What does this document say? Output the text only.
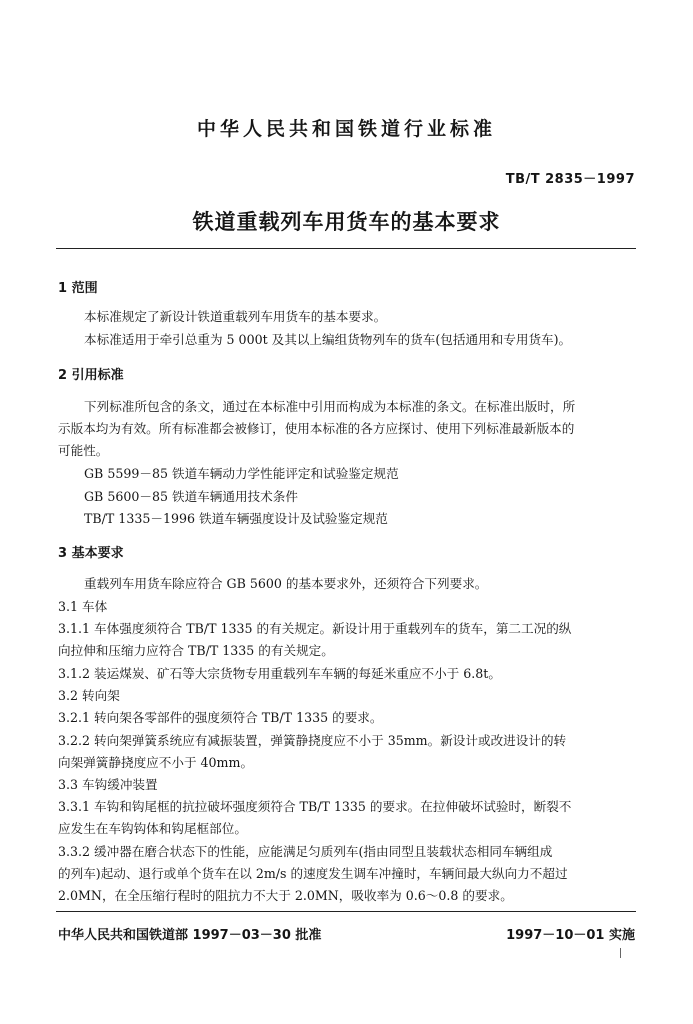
中华人民共和国铁道行业标准
TB/T 2835－1997
铁道重载列车用货车的基本要求
1 范围
本标准规定了新设计铁道重载列车用货车的基本要求。
本标准适用于牵引总重为 5 000t 及其以上编组货物列车的货车(包括通用和专用货车)。
2 引用标准
下列标准所包含的条文，通过在本标准中引用而构成为本标准的条文。在标准出版时，所
示版本均为有效。所有标准都会被修订，使用本标准的各方应探讨、使用下列标准最新版本的
可能性。
GB 5599－85 铁道车辆动力学性能评定和试验鉴定规范
GB 5600－85 铁道车辆通用技术条件
TB/T 1335－1996 铁道车辆强度设计及试验鉴定规范
3 基本要求
重载列车用货车除应符合 GB 5600 的基本要求外，还须符合下列要求。
3.1 车体
3.1.1 车体强度须符合 TB/T 1335 的有关规定。新设计用于重载列车的货车，第二工况的纵
向拉伸和压缩力应符合 TB/T 1335 的有关规定。
3.1.2 装运煤炭、矿石等大宗货物专用重载列车车辆的每延米重应不小于 6.8t。
3.2 转向架
3.2.1 转向架各零部件的强度须符合 TB/T 1335 的要求。
3.2.2 转向架弹簧系统应有减振装置，弹簧静挠度应不小于 35mm。新设计或改进设计的转
向架弹簧静挠度应不小于 40mm。
3.3 车钩缓冲装置
3.3.1 车钩和钩尾框的抗拉破坏强度须符合 TB/T 1335 的要求。在拉伸破坏试验时，断裂不
应发生在车钩钩体和钩尾框部位。
3.3.2 缓冲器在磨合状态下的性能，应能满足匀质列车(指由同型且装载状态相同车辆组成
的列车)起动、退行或单个货车在以 2m/s 的速度发生调车冲撞时，车辆间最大纵向力不超过
2.0MN，在全压缩行程时的阻抗力不大于 2.0MN，吸收率为 0.6～0.8 的要求。
中华人民共和国铁道部 1997－03－30 批准	1997－10－01 实施
